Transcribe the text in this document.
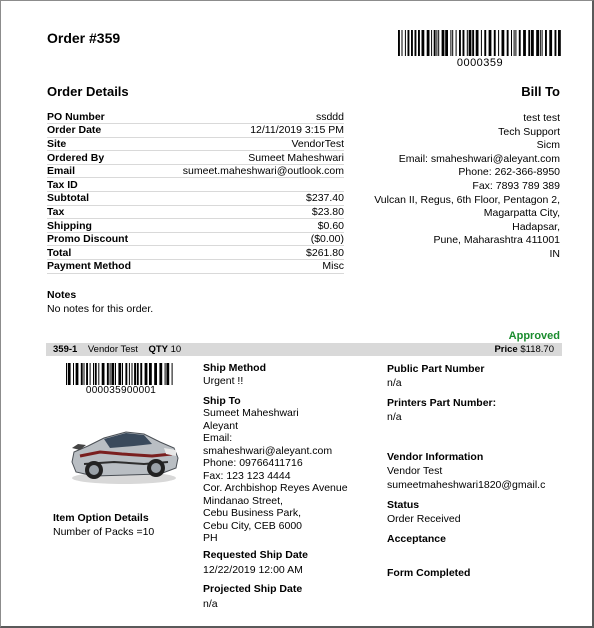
Order #359
0000359
Order Details	Bill To
PO Number	ssddd
Order Date	12/11/2019 3:15 PM
Site	VendorTest
Ordered By	Sumeet Maheshwari
Email	sumeet.maheshwari@outlook.com
Tax ID	
Subtotal	$237.40
Tax	$23.80
Shipping	$0.60
Promo Discount	($0.00)
Total	$261.80
Payment Method	Misc
test test
Tech Support
Sicm
Email: smaheshwari@aleyant.com
Phone: 262-366-8950
Fax: 7893 789 389
Vulcan II, Regus, 6th Floor, Pentagon 2,
Magarpatta City,
Hadapsar,
Pune, Maharashtra 411001
IN
Notes
No notes for this order.
Approved
359-1 Vendor Test QTY 10	Price $118.70
000035900001
Item Option Details
Number of Packs =10
Ship Method
Urgent !!
Ship To
Sumeet Maheshwari
Aleyant
Email:
smaheshwari@aleyant.com
Phone: 09766411716
Fax: 123 123 4444
Cor. Archbishop Reyes Avenue
Mindanao Street,
Cebu Business Park,
Cebu City, CEB 6000
PH
Requested Ship Date
12/22/2019 12:00 AM
Projected Ship Date
n/a
Public Part Number
n/a
Printers Part Number:
n/a
Vendor Information
Vendor Test
sumeetmaheshwari1820@gmail.c
Status
Order Received
Acceptance
Form Completed
